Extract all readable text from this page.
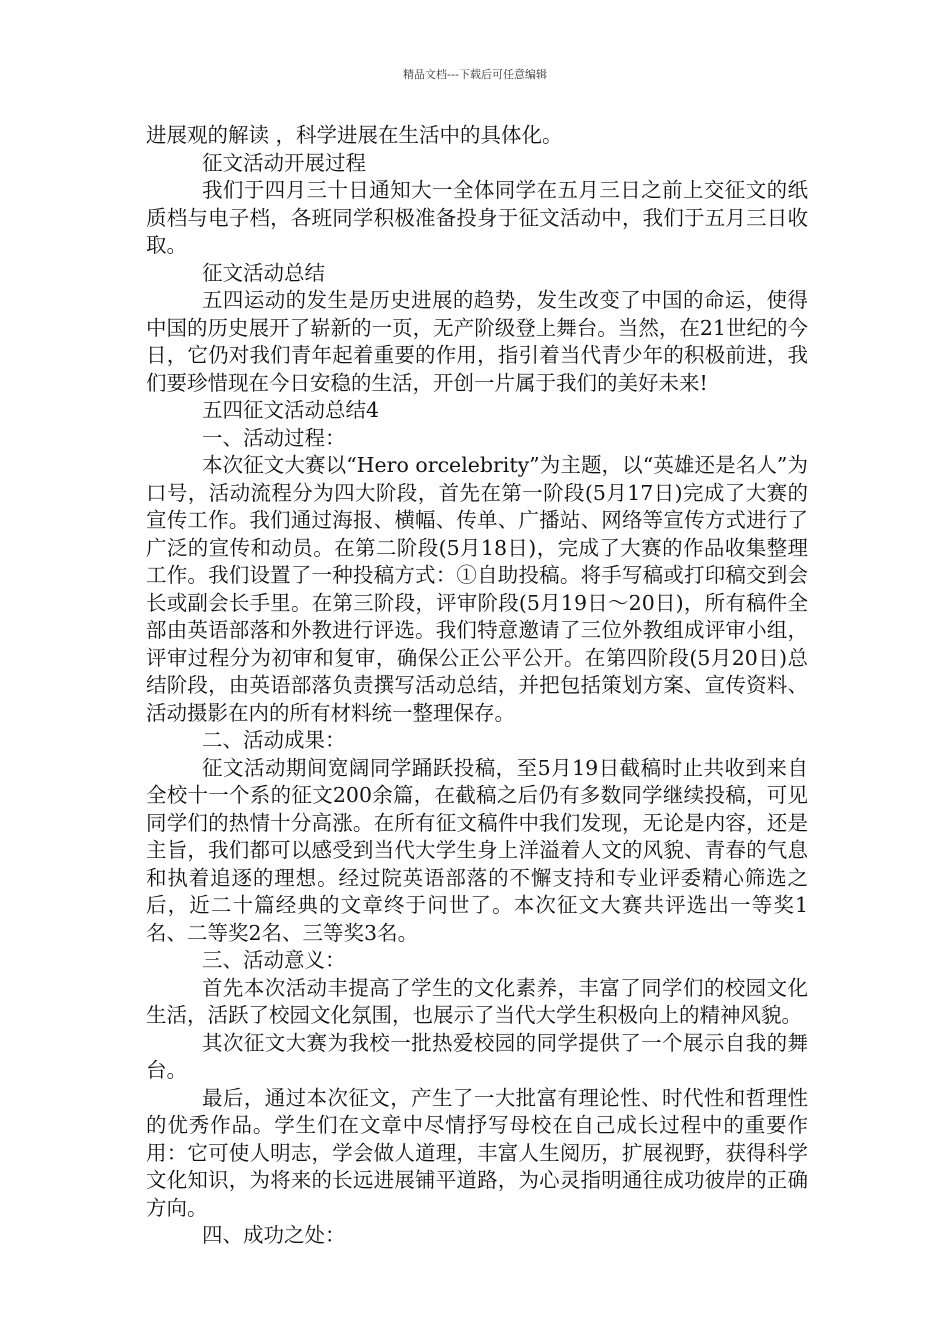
精品文档---下载后可任意编辑

进展观的解读 ，科学进展在生活中的具体化。

征文活动开展过程

我们于四月三十日通知大一全体同学在五月三日之前上交征文的纸质档与电子档，各班同学积极准备投身于征文活动中，我们于五月三日收取。

征文活动总结

五四运动的发生是历史进展的趋势，发生改变了中国的命运，使得中国的历史展开了崭新的一页，无产阶级登上舞台。当然，在21世纪的今日，它仍对我们青年起着重要的作用，指引着当代青少年的积极前进，我们要珍惜现在今日安稳的生活，开创一片属于我们的美好未来!

五四征文活动总结4

一、活动过程：

本次征文大赛以“Hero orcelebrity”为主题，以“英雄还是名人”为口号，活动流程分为四大阶段，首先在第一阶段(5月17日)完成了大赛的宣传工作。我们通过海报、横幅、传单、广播站、网络等宣传方式进行了广泛的宣传和动员。在第二阶段(5月18日)，完成了大赛的作品收集整理工作。我们设置了一种投稿方式：①自助投稿。将手写稿或打印稿交到会长或副会长手里。在第三阶段，评审阶段(5月19日～20日)，所有稿件全部由英语部落和外教进行评选。我们特意邀请了三位外教组成评审小组，评审过程分为初审和复审，确保公正公平公开。在第四阶段(5月20日)总结阶段，由英语部落负责撰写活动总结，并把包括策划方案、宣传资料、活动摄影在内的所有材料统一整理保存。

二、活动成果：

征文活动期间宽阔同学踊跃投稿，至5月19日截稿时止共收到来自全校十一个系的征文200余篇，在截稿之后仍有多数同学继续投稿，可见同学们的热情十分高涨。在所有征文稿件中我们发现，无论是内容，还是主旨，我们都可以感受到当代大学生身上洋溢着人文的风貌、青春的气息和执着追逐的理想。经过院英语部落的不懈支持和专业评委精心筛选之后，近二十篇经典的文章终于问世了。本次征文大赛共评选出一等奖1名、二等奖2名、三等奖3名。

三、活动意义：

首先本次活动丰提高了学生的文化素养，丰富了同学们的校园文化生活，活跃了校园文化氛围，也展示了当代大学生积极向上的精神风貌。

其次征文大赛为我校一批热爱校园的同学提供了一个展示自我的舞台。

最后，通过本次征文，产生了一大批富有理论性、时代性和哲理性的优秀作品。学生们在文章中尽情抒写母校在自己成长过程中的重要作用：它可使人明志，学会做人道理，丰富人生阅历，扩展视野，获得科学文化知识，为将来的长远进展铺平道路，为心灵指明通往成功彼岸的正确方向。

四、成功之处：
